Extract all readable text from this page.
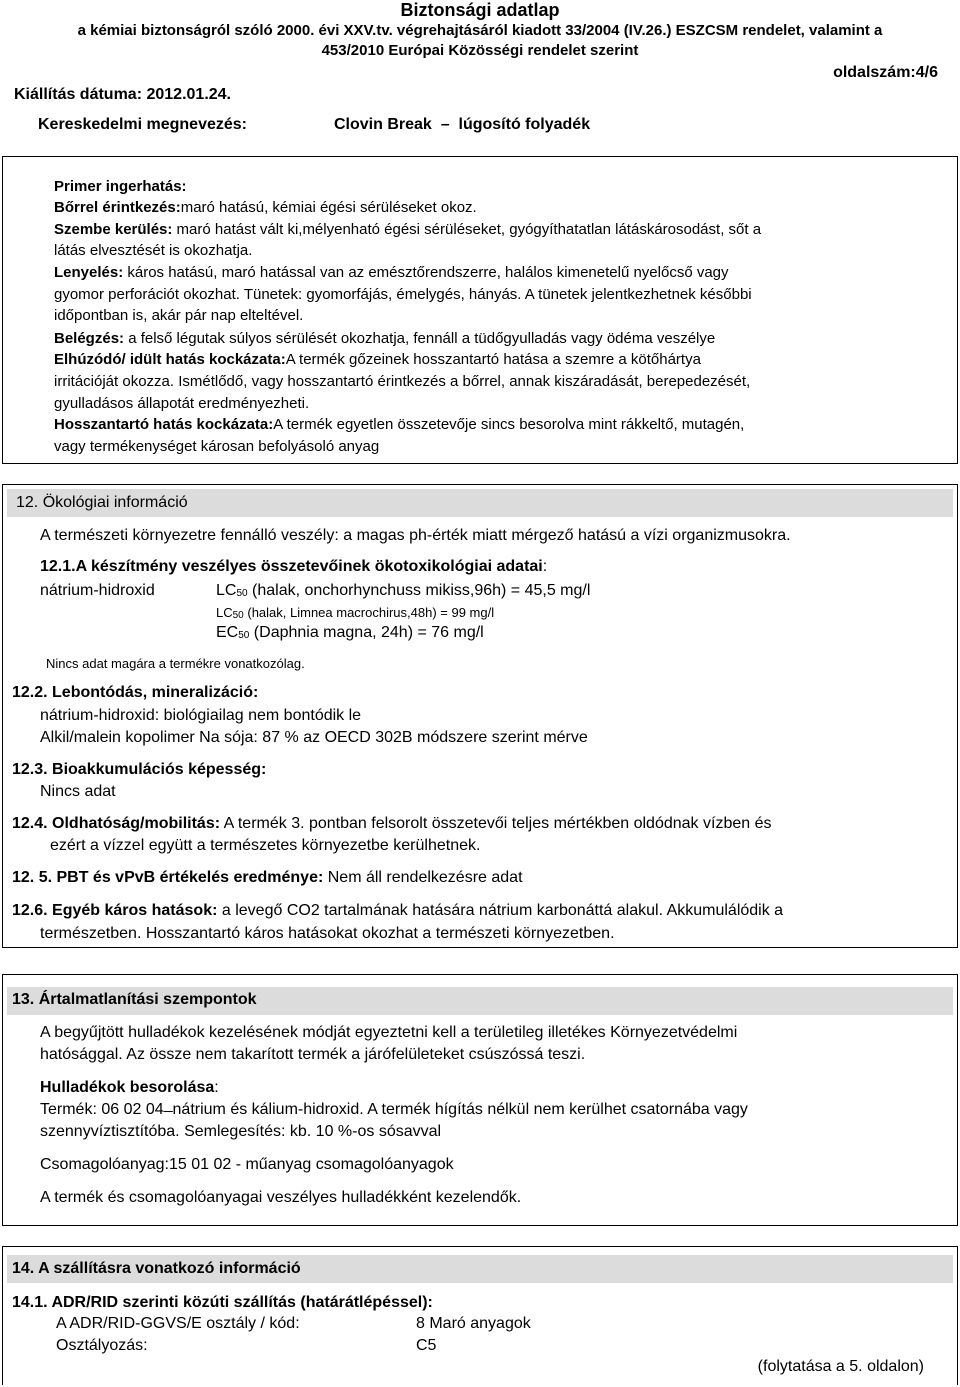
Biztonsági adatlap
a kémiai biztonságról szóló 2000. évi XXV.tv. végrehajtásáról kiadott 33/2004 (IV.26.) ESZCSM rendelet, valamint a
453/2010 Európai Közösségi rendelet szerint
oldalszám:4/6
Kiállítás dátuma: 2012.01.24.
Kereskedelmi megnevezés:	Clovin Break  –  lúgosító folyadék
Primer ingerhatás:
Bőrrel érintkezés:maró hatású, kémiai égési sérüléseket okoz.
Szembe kerülés: maró hatást vált ki,mélyenható égési sérüléseket, gyógyíthatatlan látáskárosodást, sőt a
látás elvesztését is okozhatja.
Lenyelés: káros hatású, maró hatással van az emésztőrendszerre, halálos kimenetelű nyelőcső vagy
gyomor perforációt okozhat. Tünetek: gyomorfájás, émelygés, hányás. A tünetek jelentkezhetnek későbbi
időpontban is, akár pár nap elteltével.
Belégzés: a felső légutak súlyos sérülését okozhatja, fennáll a tüdőgyulladás vagy ödéma veszélye
Elhúzódó/ idült hatás kockázata:A termék gőzeinek hosszantartó hatása a szemre a kötőhártya
irritációját okozza. Ismétlődő, vagy hosszantartó érintkezés a bőrrel, annak kiszáradását, berepedezését,
gyulladásos állapotát eredményezheti.
Hosszantartó hatás kockázata:A termék egyetlen összetevője sincs besorolva mint rákkeltő, mutagén,
vagy termékenységet károsan befolyásoló anyag
12. Ökológiai információ
A természeti környezetre fennálló veszély: a magas ph-érték miatt mérgező hatású a vízi organizmusokra.
12.1.A készítmény veszélyes összetevőinek ökotoxikológiai adatai:
nátrium-hidroxid	$LC_{50}$ (halak, onchorhynchuss mikiss,96h) = 45,5 mg/l
$LC_{50}$ (halak, Limnea macrochirus,48h) = 99 mg/l
$EC_{50}$ (Daphnia magna, 24h) = 76 mg/l
Nincs adat magára a termékre vonatkozólag.
12.2. Lebontódás, mineralizáció:
nátrium-hidroxid: biológiailag nem bontódik le
Alkil/malein kopolimer Na sója: 87 % az OECD 302B módszere szerint mérve
12.3. Bioakkumulációs képesség:
Nincs adat
12.4. Oldhatóság/mobilitás: A termék 3. pontban felsorolt összetevői teljes mértékben oldódnak vízben és
ezért a vízzel együtt a természetes környezetbe kerülhetnek.
12. 5. PBT és vPvB értékelés eredménye: Nem áll rendelkezésre adat
12.6. Egyéb káros hatások: a levegő CO2 tartalmának hatására nátrium karbonáttá alakul. Akkumulálódik a
természetben. Hosszantartó káros hatásokat okozhat a természeti környezetben.
13. Ártalmatlanítási szempontok
A begyűjtött hulladékok kezelésének módját egyeztetni kell a területileg illetékes Környezetvédelmi
hatósággal. Az össze nem takarított termék a járófelületeket csúszóssá teszi.
Hulladékok besorolása:
Termék: 06 02 04 ̶ nátrium és kálium-hidroxid. A termék hígítás nélkül nem kerülhet csatornába vagy
szennyvíztisztítóba. Semlegesítés: kb. 10 %-os sósavval
Csomagolóanyag:15 01 02 - műanyag csomagolóanyagok
A termék és csomagolóanyagai veszélyes hulladékként kezelendők.
14. A szállításra vonatkozó információ
14.1. ADR/RID szerinti közúti szállítás (határátlépéssel):
A ADR/RID-GGVS/E osztály / kód:	8 Maró anyagok
Osztályozás:	C5
(folytatása a 5. oldalon)
